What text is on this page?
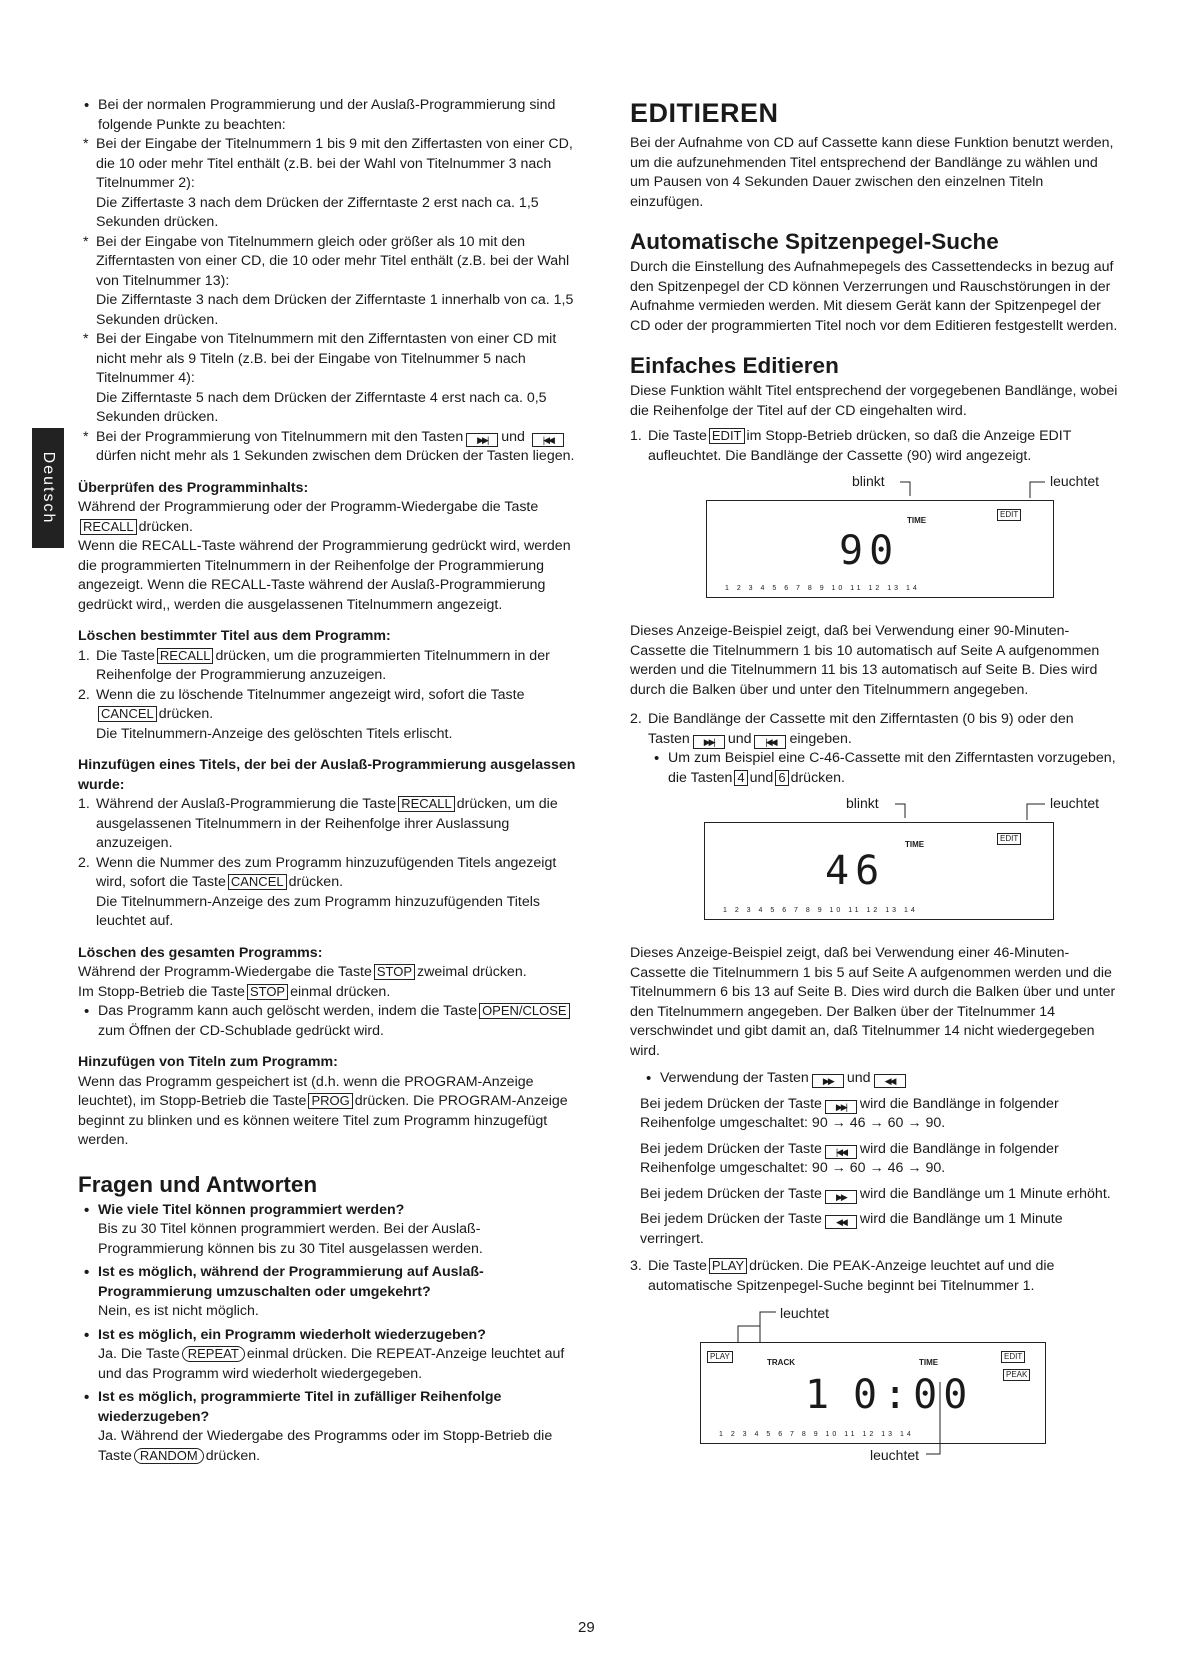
Deutsch

• Bei der normalen Programmierung und der Auslaß-Programmierung sind folgende Punkte zu beachten:

* Bei der Eingabe der Titelnummern 1 bis 9 mit den Ziffertasten von einer CD, die 10 oder mehr Titel enthält (z.B. bei der Wahl von Titelnummer 3 nach Titelnummer 2):

Die Ziffertaste 3 nach dem Drücken der Zifferntaste 2 erst nach ca. 1,5 Sekunden drücken.

* Bei der Eingabe von Titelnummern gleich oder größer als 10 mit den Zifferntasten von einer CD, die 10 oder mehr Titel enthält (z.B. bei der Wahl von Titelnummer 13):

Die Zifferntaste 3 nach dem Drücken der Zifferntaste 1 innerhalb von ca. 1,5 Sekunden drücken.

* Bei der Eingabe von Titelnummern mit den Zifferntasten von einer CD mit nicht mehr als 9 Titeln (z.B. bei der Eingabe von Titelnummer 5 nach Titelnummer 4):

Die Zifferntaste 5 nach dem Drücken der Zifferntaste 4 erst nach ca. 0,5 Sekunden drücken.

* Bei der Programmierung von Titelnummern mit den Tasten ▶▶| und |◀◀dürfen nicht mehr als 1 Sekunden zwischen dem Drücken der Tasten liegen.

Überprüfen des Programminhalts:

Während der Programmierung oder der Programm-Wiedergabe die TasteRECALL drücken.

Wenn die RECALL-Taste während der Programmierung gedrückt wird, werden die programmierten Titelnummern in der Reihenfolge der Programmierung angezeigt. Wenn die RECALL-Taste während der Auslaß-Programmierung gedrückt wird,, werden die ausgelassenen Titelnummern angezeigt.

Löschen bestimmter Titel aus dem Programm:

1. Die Taste RECALL drücken, um die programmierten Titelnummern in der Reihenfolge der Programmierung anzuzeigen.

2. Wenn die zu löschende Titelnummer angezeigt wird, sofort die Taste
CANCEL drücken.
Die Titelnummern-Anzeige des gelöschten Titels erlischt.

Hinzufügen eines Titels, der bei der Auslaß-Programmierung ausgelassen wurde:

1. Während der Auslaß-Programmierung die Taste RECALL drücken, um die ausgelassenen Titelnummern in der Reihenfolge ihrer Auslassung anzuzeigen.

2. Wenn die Nummer des zum Programm hinzuzufügenden Titels angezeigt wird, sofort die Taste CANCEL drücken.
Die Titelnummern-Anzeige des zum Programm hinzuzufügenden Titels leuchtet auf.

Löschen des gesamten Programms:

Während der Programm-Wiedergabe die Taste STOP zweimal drücken.

Im Stopp-Betrieb die Taste STOP einmal drücken.

• Das Programm kann auch gelöscht werden, indem die Taste OPEN/CLOSEzum Öffnen der CD-Schublade gedrückt wird.

Hinzufügen von Titeln zum Programm:

Wenn das Programm gespeichert ist (d.h. wenn die PROGRAM-Anzeige leuchtet), im Stopp-Betrieb die Taste PROG drücken. Die PROGRAM-Anzeige beginnt zu blinken und es können weitere Titel zum Programm hinzugefügt werden.

Fragen und Antworten

• Wie viele Titel können programmiert werden?

Bis zu 30 Titel können programmiert werden. Bei der Auslaß-Programmierung können bis zu 30 Titel ausgelassen werden.

• Ist es möglich, während der Programmierung auf Auslaß-Programmierung umzuschalten oder umgekehrt?

Nein, es ist nicht möglich.

• Ist es möglich, ein Programm wiederholt wiederzugeben?

Ja. Die Taste REPEAT einmal drücken. Die REPEAT-Anzeige leuchtet auf und das Programm wird wiederholt wiedergegeben.

• Ist es möglich, programmierte Titel in zufälliger Reihenfolge wiederzugeben?

Ja. Während der Wiedergabe des Programms oder im Stopp-Betrieb die Taste RANDOM drücken.

EDITIEREN

Bei der Aufnahme von CD auf Cassette kann diese Funktion benutzt werden, um die aufzunehmenden Titel entsprechend der Bandlänge zu wählen und um Pausen von 4 Sekunden Dauer zwischen den einzelnen Titeln einzufügen.

Automatische Spitzenpegel-Suche

Durch die Einstellung des Aufnahmepegels des Cassettendecks in bezug auf den Spitzenpegel der CD können Verzerrungen und Rauschstörungen in der Aufnahme vermieden werden. Mit diesem Gerät kann der Spitzenpegel der CD oder der programmierten Titel noch vor dem Editieren festgestellt werden.

Einfaches Editieren

Diese Funktion wählt Titel entsprechend der vorgegebenen Bandlänge, wobei die Reihenfolge der Titel auf der CD eingehalten wird.

1. Die Taste EDIT im Stopp-Betrieb drücken, so daß die Anzeige EDIT aufleuchtet. Die Bandlänge der Cassette (90) wird angezeigt.

blinkt	leuchtet
TIME
EDIT
90
1 2 3 4 5 6 7 8 9 10 11 12 13 14

Dieses Anzeige-Beispiel zeigt, daß bei Verwendung einer 90-Minuten-Cassette die Titelnummern 1 bis 10 automatisch auf Seite A aufgenommen werden und die Titelnummern 11 bis 13 automatisch auf Seite B. Dies wird durch die Balken über und unter den Titelnummern angegeben.

2. Die Bandlänge der Cassette mit den Zifferntasten (0 bis 9) oder den Tasten ▶▶| und |◀◀ eingeben.

• Um zum Beispiel eine C-46-Cassette mit den Zifferntasten vorzugeben, die Tasten 4 und 6 drücken.

blinkt	leuchtet
TIME
EDIT
46
1 2 3 4 5 6 7 8 9 10 11 12 13 14

Dieses Anzeige-Beispiel zeigt, daß bei Verwendung einer 46-Minuten-Cassette die Titelnummern 1 bis 5 auf Seite A aufgenommen werden und die Titelnummern 6 bis 13 auf Seite B. Dies wird durch die Balken über und unter den Titelnummern angegeben. Der Balken über der Titelnummer 14 verschwindet und gibt damit an, daß Titelnummer 14 nicht wiedergegeben wird.

• Verwendung der Tasten ▶▶ und ◀◀

Bei jedem Drücken der Taste ▶▶| wird die Bandlänge in folgender Reihenfolge umgeschaltet: 90 → 46 → 60 → 90.

Bei jedem Drücken der Taste |◀◀ wird die Bandlänge in folgender Reihenfolge umgeschaltet: 90 → 60 → 46 → 90.

Bei jedem Drücken der Taste ▶▶ wird die Bandlänge um 1 Minute erhöht.

Bei jedem Drücken der Taste ◀◀ wird die Bandlänge um 1 Minute verringert.

3. Die Taste PLAY drücken. Die PEAK-Anzeige leuchtet auf und die automatische Spitzenpegel-Suche beginnt bei Titelnummer 1.

leuchtet
PLAY
TRACK	TIME
EDIT
PEAK
1 0:00
1 2 3 4 5 6 7 8 9 10 11 12 13 14
leuchtet
29
